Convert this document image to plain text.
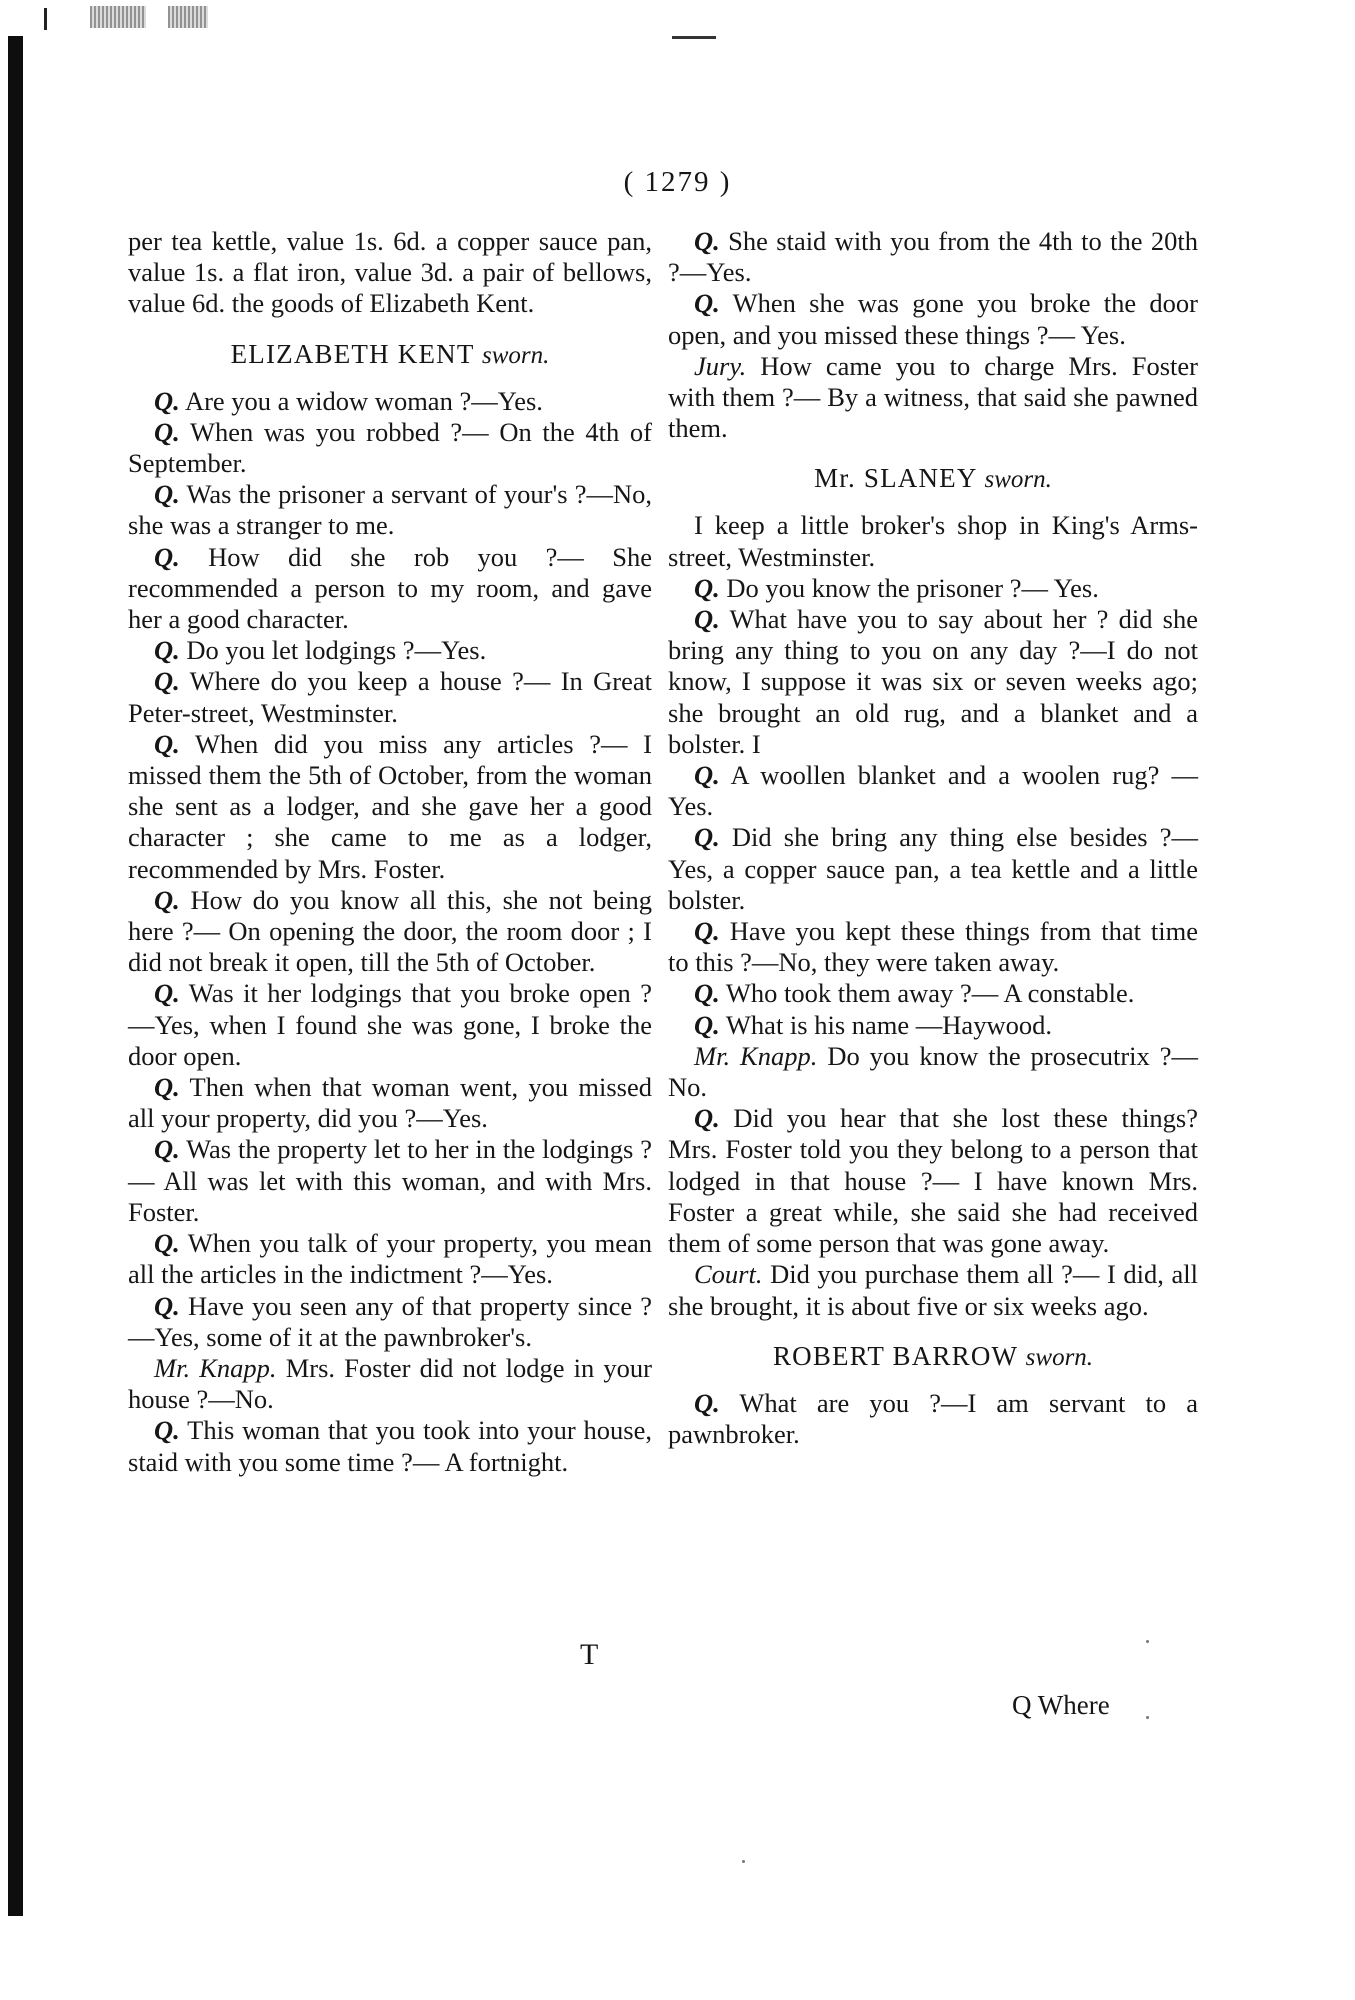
( 1279 )

per tea kettle, value 1s. 6d. a copper sauce pan, value 1s. a flat iron, value 3d. a pair of bellows, value 6d. the goods of Elizabeth Kent.

ELIZABETH KENT sworn.

Q. Are you a widow woman ?—Yes.

Q. When was you robbed ?— On the 4th of September.

Q. Was the prisoner a servant of your's ?—No, she was a stranger to me.

Q. How did she rob you ?— She recommended a person to my room, and gave her a good character.

Q. Do you let lodgings ?—Yes.

Q. Where do you keep a house ?— In Great Peter-street, Westminster.

Q. When did you miss any articles ?— I missed them the 5th of October, from the woman she sent as a lodger, and she gave her a good character ; she came to me as a lodger, recommended by Mrs. Foster.

Q. How do you know all this, she not being here ?— On opening the door, the room door ; I did not break it open, till the 5th of October.

Q. Was it her lodgings that you broke open ?—Yes, when I found she was gone, I broke the door open.

Q. Then when that woman went, you missed all your property, did you ?—Yes.

Q. Was the property let to her in the lodgings ?— All was let with this woman, and with Mrs. Foster.

Q. When you talk of your property, you mean all the articles in the indictment ?—Yes.

Q. Have you seen any of that property since ?—Yes, some of it at the pawnbroker's.

Mr. Knapp. Mrs. Foster did not lodge in your house ?—No.

Q. This woman that you took into your house, staid with you some time ?— A fortnight.

Q. She staid with you from the 4th to the 20th ?—Yes.

Q. When she was gone you broke the door open, and you missed these things ?— Yes.

Jury. How came you to charge Mrs. Foster with them ?— By a witness, that said she pawned them.

Mr. SLANEY sworn.

I keep a little broker's shop in King's Arms-street, Westminster.

Q. Do you know the prisoner ?— Yes.

Q. What have you to say about her ? did she bring any thing to you on any day ?—I do not know, I suppose it was six or seven weeks ago; she brought an old rug, and a blanket and a bolster. I

Q. A woollen blanket and a woolen rug? — Yes.

Q. Did she bring any thing else besides ?—Yes, a copper sauce pan, a tea kettle and a little bolster.

Q. Have you kept these things from that time to this ?—No, they were taken away.

Q. Who took them away ?— A constable.

Q. What is his name —Haywood.

Mr. Knapp. Do you know the prosecutrix ?—No.

Q. Did you hear that she lost these things? Mrs. Foster told you they belong to a person that lodged in that house ?— I have known Mrs. Foster a great while, she said she had received them of some person that was gone away.

Court. Did you purchase them all ?— I did, all she brought, it is about five or six weeks ago.

ROBERT BARROW sworn.

Q. What are you ?—I am servant to a pawnbroker.

T
Q Where
